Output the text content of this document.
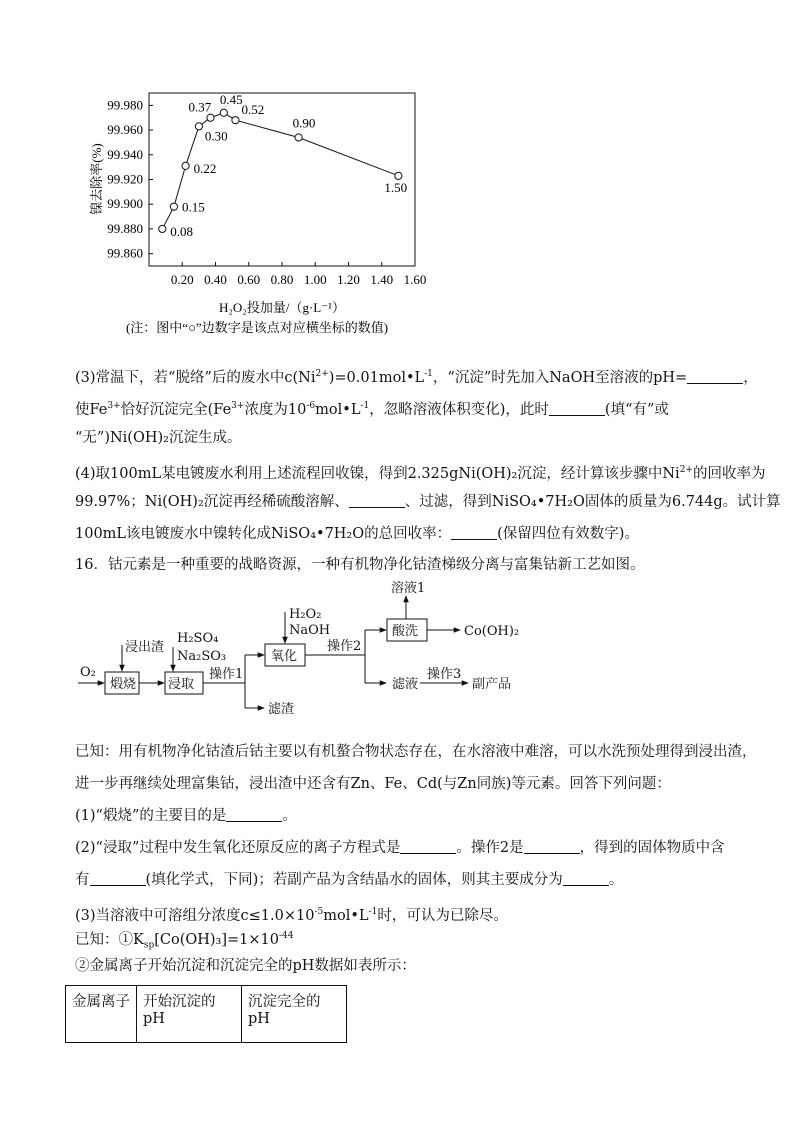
99.860
99.880
99.900
99.920
99.940
99.960
99.980
0.20 0.40 0.60 0.80 1.00 1.20 1.40 1.60
0.08
0.15
0.22
0.30
0.37
0.45
0.52
0.90
1.50
镍去除率(%)
H₂O₂投加量/（g·L⁻¹）
(注：图中“○”边数字是该点对应横坐标的数值)
(3)常温下，若“脱络”后的废水中$c(Ni^{2+})=0.01mol•L^{-1}$，“沉淀”时先加入NaOH至溶液的pH=	，
使$Fe^{3+}$恰好沉淀完全($Fe^{3+}$浓度为$10^{-6}mol•L^{-1}$，忽略溶液体积变化)，此时	(填“有”或
“无”)Ni(OH)₂沉淀生成。
(4)取100mL某电镀废水利用上述流程回收镍，得到2.325gNi(OH)₂沉淀，经计算该步骤中$Ni^{2+}$的回收率为
99.97%；Ni(OH)₂沉淀再经稀硫酸溶解、	、过滤，得到NiSO₄•7H₂O固体的质量为6.744g。试计算
100mL该电镀废水中镍转化成NiSO₄•7H₂O的总回收率：	(保留四位有效数字)。
16．钴元素是一种重要的战略资源，一种有机物净化钴渣梯级分离与富集钴新工艺如图。
O₂
煅烧
浸出渣
H₂SO₄
Na₂SO₃
浸取
操作1
滤渣
H₂O₂
NaOH
氧化
操作2
溶液1
酸洗	Co(OH)₂
滤液
操作3
副产品
已知：用有机物净化钴渣后钴主要以有机螯合物状态存在，在水溶液中难溶，可以水洗预处理得到浸出渣，
进一步再继续处理富集钴，浸出渣中还含有Zn、Fe、Cd(与Zn同族)等元素。回答下列问题：
(1)“煅烧”的主要目的是	。
(2)“浸取”过程中发生氧化还原反应的离子方程式是	。操作2是	，得到的固体物质中含
有	(填化学式，下同)；若副产品为含结晶水的固体，则其主要成分为	。
(3)当溶液中可溶组分浓度$c\le 1.0\times 10^{-5}mol•L^{-1}$时，可认为已除尽。
已知：$①K_{sp}[Co(OH)_3]=1\times 10^{-44}$
②金属离子开始沉淀和沉淀完全的pH数据如表所示：
金属离子	开始沉淀的pH	沉淀完全的pH
